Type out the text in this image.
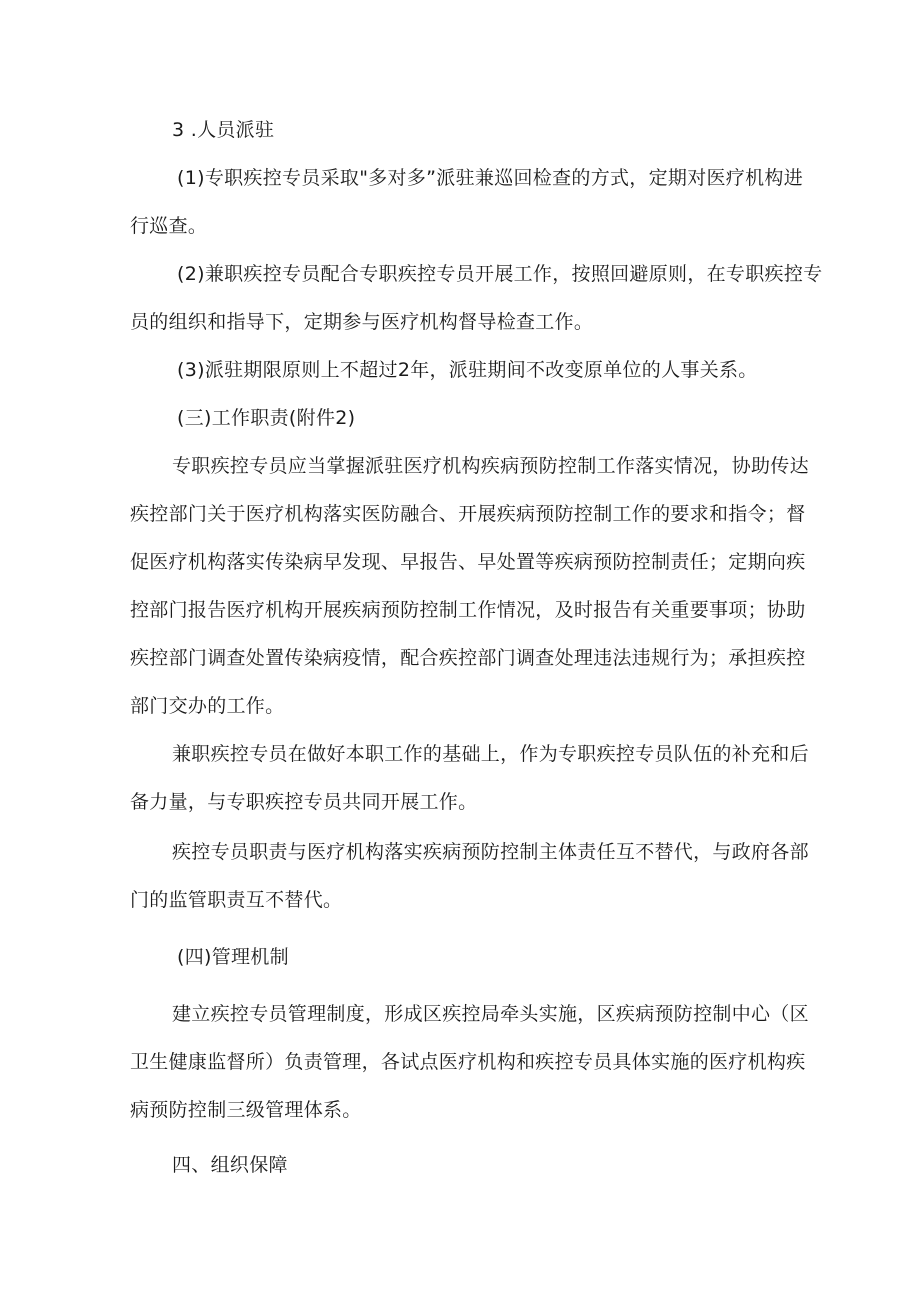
3 .人员派驻
(1)专职疾控专员采取"多对多”派驻兼巡回检查的方式，定期对医疗机构进
行巡查。
(2)兼职疾控专员配合专职疾控专员开展工作，按照回避原则，在专职疾控专
员的组织和指导下，定期参与医疗机构督导检查工作。
(3)派驻期限原则上不超过2年，派驻期间不改变原单位的人事关系。
(三)工作职责(附件2)
专职疾控专员应当掌握派驻医疗机构疾病预防控制工作落实情况，协助传达
疾控部门关于医疗机构落实医防融合、开展疾病预防控制工作的要求和指令；督
促医疗机构落实传染病早发现、早报告、早处置等疾病预防控制责任；定期向疾
控部门报告医疗机构开展疾病预防控制工作情况，及时报告有关重要事项；协助
疾控部门调查处置传染病疫情，配合疾控部门调查处理违法违规行为；承担疾控
部门交办的工作。
兼职疾控专员在做好本职工作的基础上，作为专职疾控专员队伍的补充和后
备力量，与专职疾控专员共同开展工作。
疾控专员职责与医疗机构落实疾病预防控制主体责任互不替代，与政府各部
门的监管职责互不替代。
(四)管理机制
建立疾控专员管理制度，形成区疾控局牵头实施，区疾病预防控制中心（区
卫生健康监督所）负责管理，各试点医疗机构和疾控专员具体实施的医疗机构疾
病预防控制三级管理体系。
四、组织保障
